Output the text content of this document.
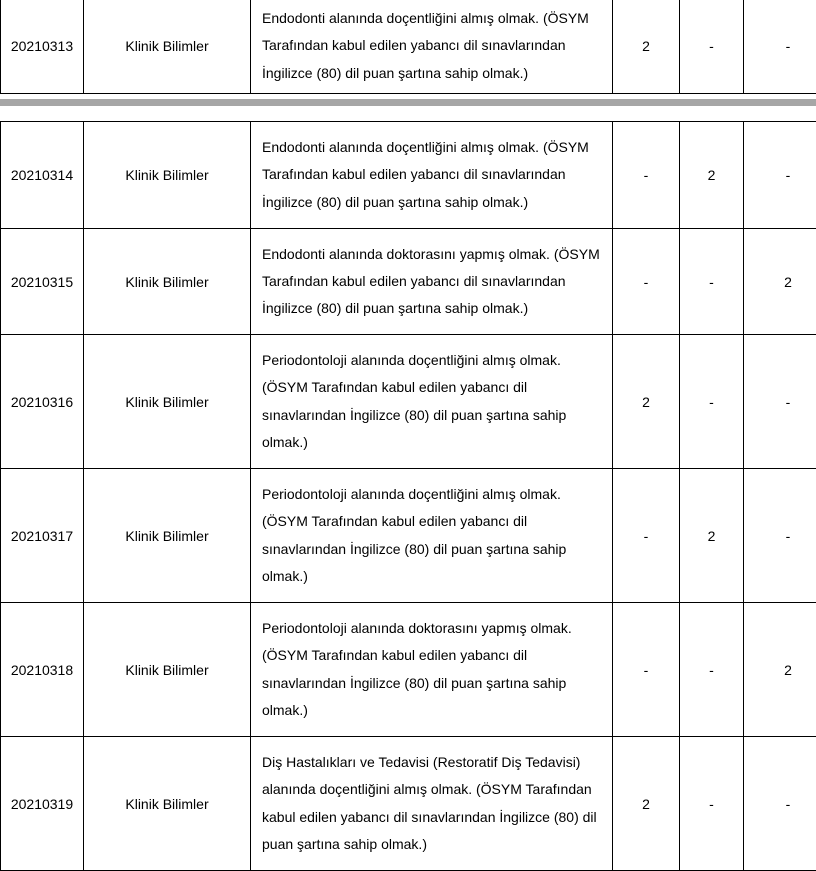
20210313	Klinik Bilimler	Endodonti alanında doçentliğini almış olmak. (ÖSYM Tarafından kabul edilen yabancı dil sınavlarından İngilizce (80) dil puan şartına sahip olmak.)	2	-	-
20210314	Klinik Bilimler	Endodonti alanında doçentliğini almış olmak. (ÖSYM Tarafından kabul edilen yabancı dil sınavlarından İngilizce (80) dil puan şartına sahip olmak.)	-	2	-
20210315	Klinik Bilimler	Endodonti alanında doktorasını yapmış olmak. (ÖSYM Tarafından kabul edilen yabancı dil sınavlarından İngilizce (80) dil puan şartına sahip olmak.)	-	-	2
20210316	Klinik Bilimler	Periodontoloji alanında doçentliğini almış olmak. (ÖSYM Tarafından kabul edilen yabancı dil sınavlarından İngilizce (80) dil puan şartına sahip olmak.)	2	-	-
20210317	Klinik Bilimler	Periodontoloji alanında doçentliğini almış olmak. (ÖSYM Tarafından kabul edilen yabancı dil sınavlarından İngilizce (80) dil puan şartına sahip olmak.)	-	2	-
20210318	Klinik Bilimler	Periodontoloji alanında doktorasını yapmış olmak. (ÖSYM Tarafından kabul edilen yabancı dil sınavlarından İngilizce (80) dil puan şartına sahip olmak.)	-	-	2
20210319	Klinik Bilimler	Diş Hastalıkları ve Tedavisi (Restoratif Diş Tedavisi) alanında doçentliğini almış olmak. (ÖSYM Tarafından kabul edilen yabancı dil sınavlarından İngilizce (80) dil puan şartına sahip olmak.)	2	-	-
